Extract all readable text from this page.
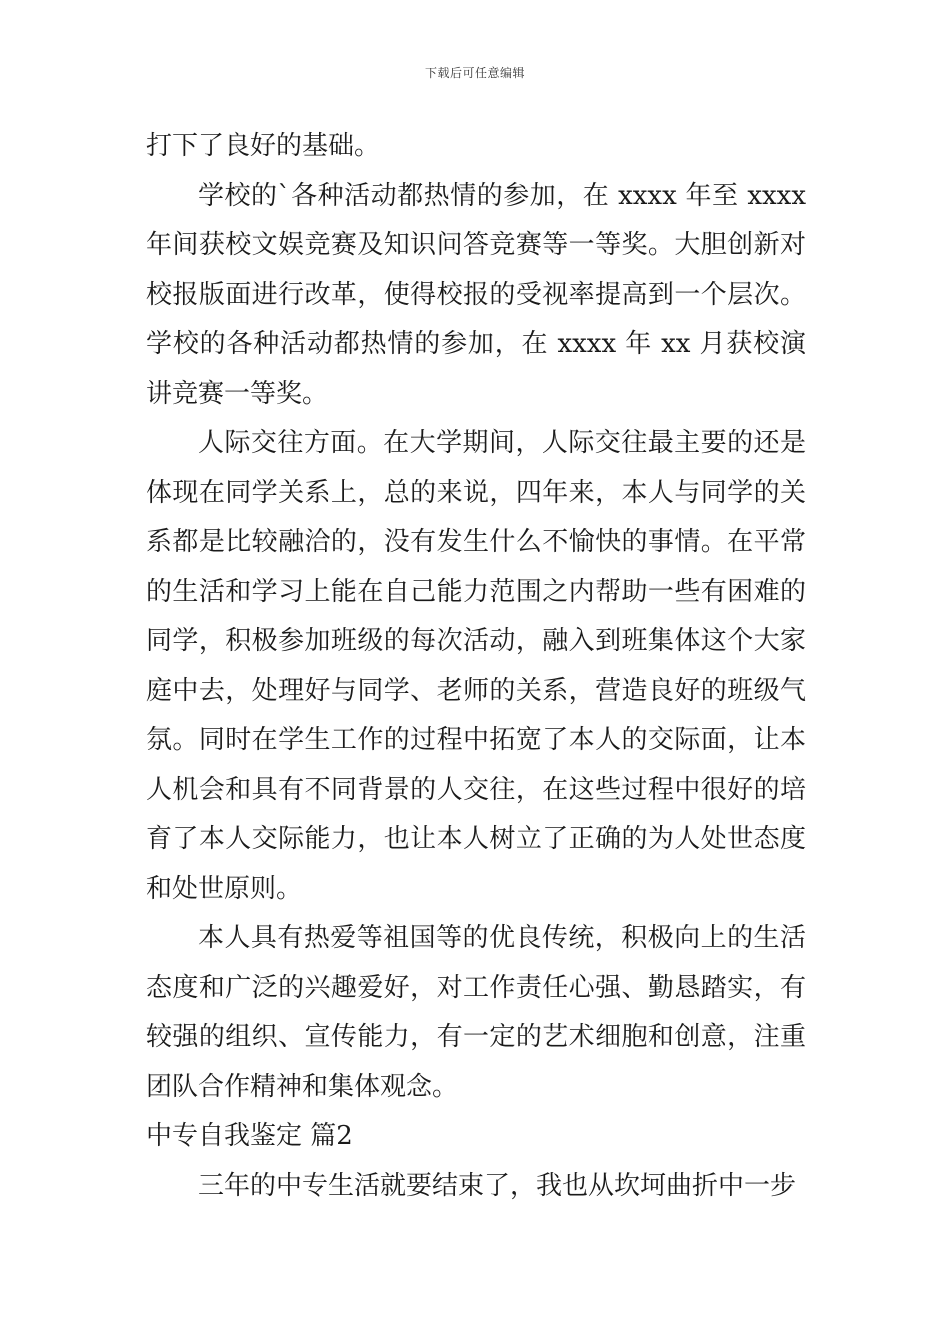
下载后可任意编辑

打下了良好的基础。

学校的`各种活动都热情的参加，在 xxxx 年至 xxxx 年间获校文娱竞赛及知识问答竞赛等一等奖。大胆创新对校报版面进行改革，使得校报的受视率提高到一个层次。学校的各种活动都热情的参加，在 xxxx 年 xx 月获校演讲竞赛一等奖。

人际交往方面。在大学期间，人际交往最主要的还是体现在同学关系上，总的来说，四年来，本人与同学的关系都是比较融洽的，没有发生什么不愉快的事情。在平常的生活和学习上能在自己能力范围之内帮助一些有困难的同学，积极参加班级的每次活动，融入到班集体这个大家庭中去，处理好与同学、老师的关系，营造良好的班级气氛。同时在学生工作的过程中拓宽了本人的交际面，让本人机会和具有不同背景的人交往，在这些过程中很好的培育了本人交际能力，也让本人树立了正确的为人处世态度和处世原则。

本人具有热爱等祖国等的优良传统，积极向上的生活态度和广泛的兴趣爱好，对工作责任心强、勤恳踏实，有较强的组织、宣传能力，有一定的艺术细胞和创意，注重团队合作精神和集体观念。

中专自我鉴定 篇2

三年的中专生活就要结束了，我也从坎坷曲折中一步
